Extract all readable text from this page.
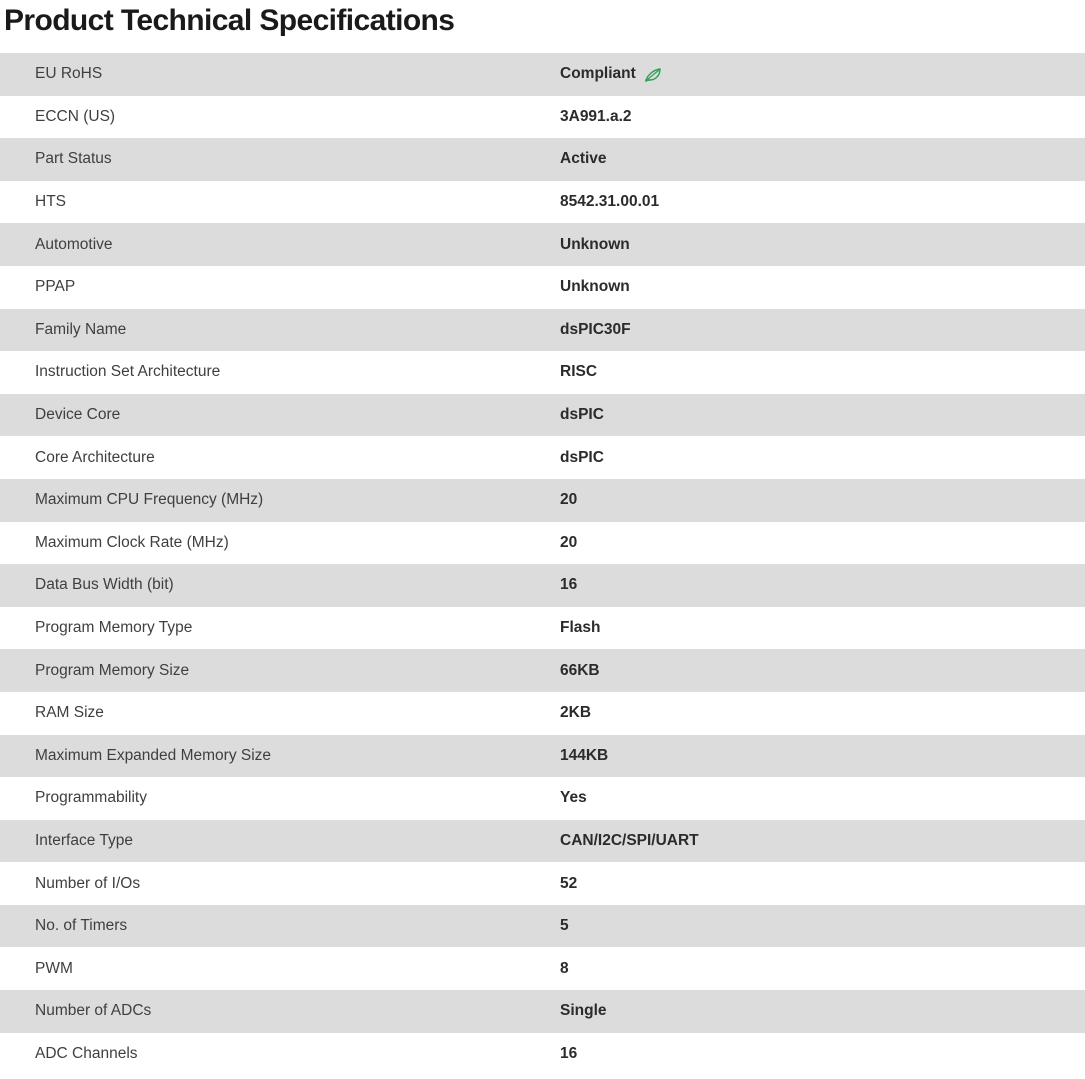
Product Technical Specifications
EU RoHS	Compliant

ECCN (US)	3A991.a.2
Part Status	Active
HTS	8542.31.00.01
Automotive	Unknown
PPAP	Unknown
Family Name	dsPIC30F
Instruction Set Architecture	RISC
Device Core	dsPIC
Core Architecture	dsPIC
Maximum CPU Frequency (MHz)	20
Maximum Clock Rate (MHz)	20
Data Bus Width (bit)	16
Program Memory Type	Flash
Program Memory Size	66KB
RAM Size	2KB
Maximum Expanded Memory Size	144KB
Programmability	Yes
Interface Type	CAN/I2C/SPI/UART
Number of I/Os	52
No. of Timers	5
PWM	8
Number of ADCs	Single
ADC Channels	16
